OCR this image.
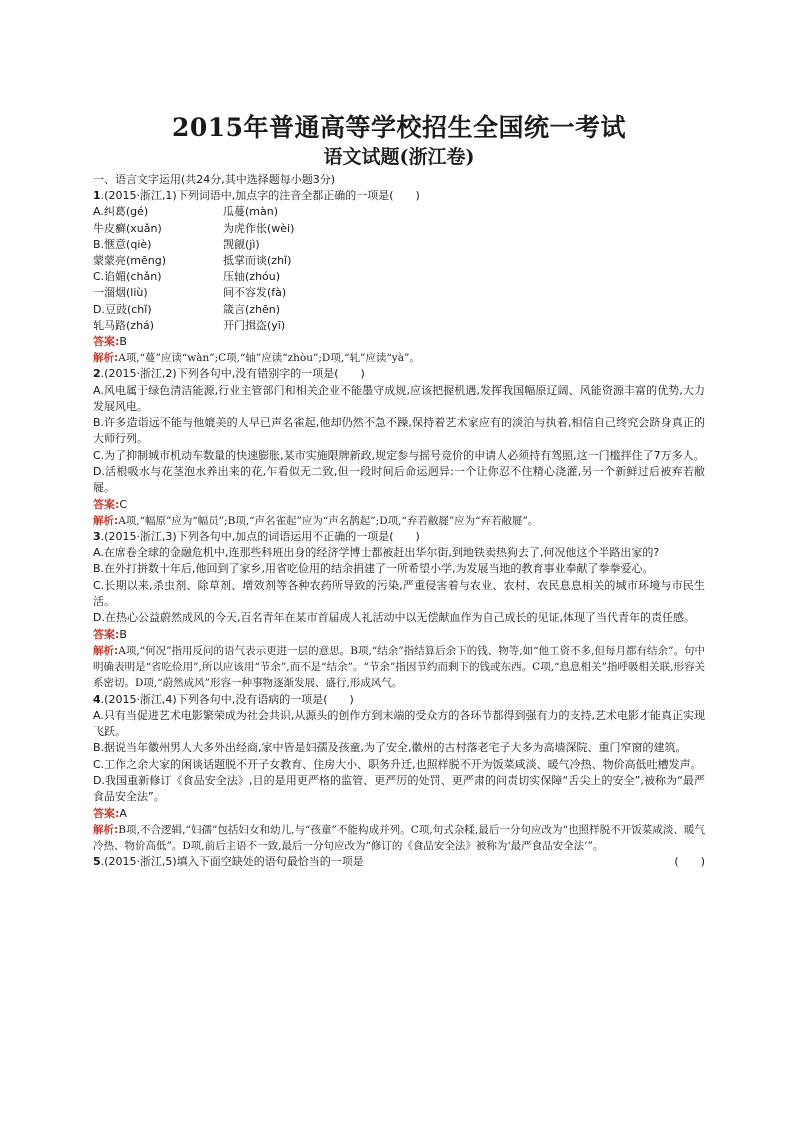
2015年普通高等学校招生全国统一考试
语文试题(浙江卷)
一、语言文字运用(共24分,其中选择题每小题3分)
1.(2015·浙江,1)下列词语中,加点字的注音全都正确的一项是(　　)
A.纠葛(gé)	瓜蔓(màn)
牛皮癣(xuǎn)	为虎作伥(wèi)
B.惬意(qiè)	觊觎(jì)
蒙蒙亮(mēng)	抵掌而谈(zhǐ)
C.谄媚(chǎn)	压轴(zhóu)
一溜烟(liù)	间不容发(fà)
D.豆豉(chǐ)	箴言(zhēn)
轧马路(zhá)	开门揖盗(yī)
答案:B

解析:A项,“蔓”应读“wàn”;C项,“轴”应读“zhòu”;D项,“轧”应读“yà”。

2.(2015·浙江,2)下列各句中,没有错别字的一项是(　　)

A.风电属于绿色清洁能源,行业主管部门和相关企业不能墨守成规,应该把握机遇,发挥我国幅原辽阔、风能资源丰富的优势,大力发展风电。

B.许多造诣远不能与他媲美的人早已声名雀起,他却仍然不急不躁,保持着艺术家应有的淡泊与执着,相信自己终究会跻身真正的大师行列。

C.为了抑制城市机动车数量的快速膨胀,某市实施限牌新政,规定参与摇号竞价的申请人必须持有驾照,这一门槛拌住了7万多人。

D.活根吸水与花茎泡水养出来的花,乍看似无二致,但一段时间后命运迥异:一个让你忍不住精心浇灌,另一个新鲜过后被弃若敝屣。

答案:C

解析:A项,“幅原”应为“幅员”;B项,“声名雀起”应为“声名鹊起”;D项,“弃若敝屣”应为“弃若敝屣”。

3.(2015·浙江,3)下列各句中,加点的词语运用不正确的一项是(　　)

A.在席卷全球的金融危机中,连那些科班出身的经济学博士都被赶出华尔街,到地铁卖热狗去了,何况他这个半路出家的?

B.在外打拼数十年后,他回到了家乡,用省吃俭用的结余捐建了一所希望小学,为发展当地的教育事业奉献了拳拳爱心。

C.长期以来,杀虫剂、除草剂、增效剂等各种农药所导致的污染,严重侵害着与农业、农村、农民息息相关的城市环境与市民生活。

D.在热心公益蔚然成风的今天,百名青年在某市首届成人礼活动中以无偿献血作为自己成长的见证,体现了当代青年的责任感。

答案:B

解析:A项,“何况”指用反问的语气表示更进一层的意思。B项,“结余”指结算后余下的钱、物等,如“他工资不多,但每月都有结余”。句中明确表明是“省吃俭用”,所以应该用“节余”,而不是“结余”。“节余”指因节约而剩下的钱或东西。C项,“息息相关”指呼吸相关联,形容关系密切。D项,“蔚然成风”形容一种事物逐渐发展、盛行,形成风气。

4.(2015·浙江,4)下列各句中,没有语病的一项是(　　)

A.只有当促进艺术电影繁荣成为社会共识,从源头的创作方到末端的受众方的各环节都得到强有力的支持,艺术电影才能真正实现飞跃。

B.据说当年徽州男人大多外出经商,家中皆是妇孺及孩童,为了安全,徽州的古村落老宅子大多为高墙深院、重门窄窗的建筑。

C.工作之余大家的闲谈话题脱不开子女教育、住房大小、职务升迁,也照样脱不开为饭菜咸淡、暖气冷热、物价高低吐槽发声。

D.我国重新修订《食品安全法》,目的是用更严格的监管、更严厉的处罚、更严肃的问责切实保障“舌尖上的安全”,被称为“最严食品安全法”。

答案:A

解析:B项,不合逻辑,“妇孺”包括妇女和幼儿,与“孩童”不能构成并列。C项,句式杂糅,最后一分句应改为“也照样脱不开饭菜咸淡、暖气冷热、物价高低”。D项,前后主语不一致,最后一分句应改为“修订的《食品安全法》被称为‘最严食品安全法’”。

5.(2015·浙江,5)填入下面空缺处的语句最恰当的一项是	(　　)
